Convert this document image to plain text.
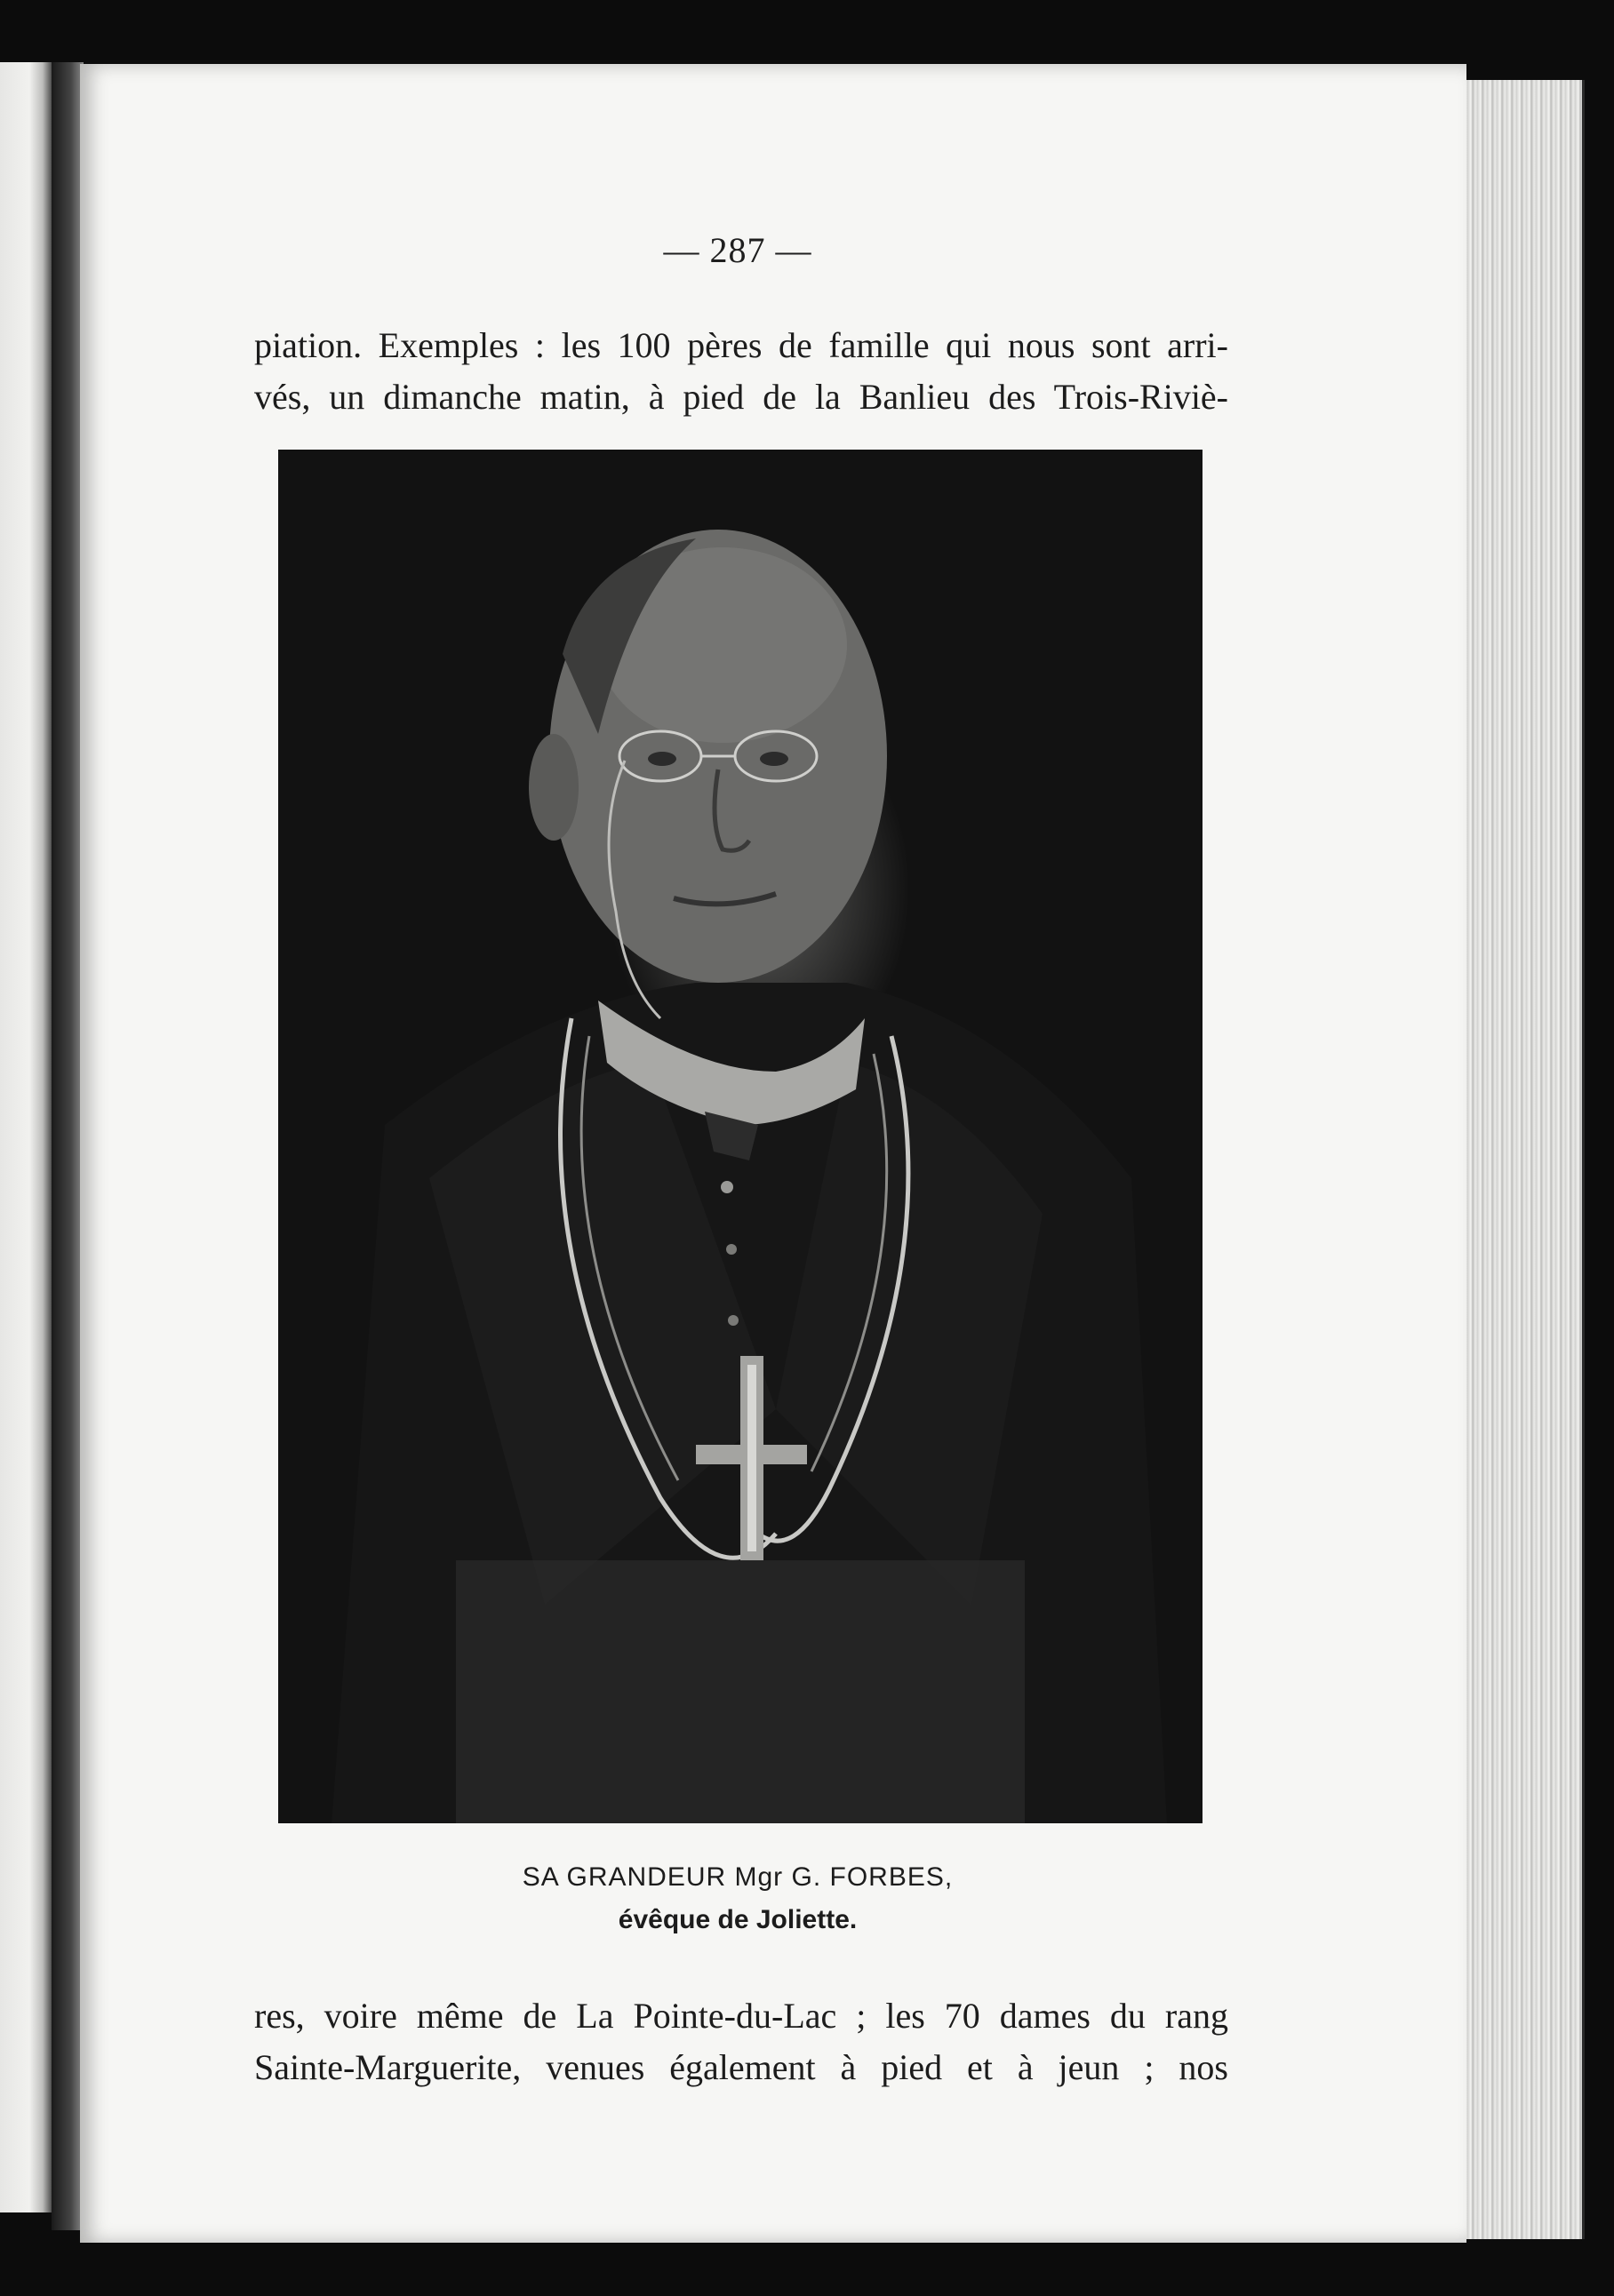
— 287 —
piation. Exemples : les 100 pères de famille qui nous sont arri-
vés, un dimanche matin, à pied de la Banlieu des Trois-Riviè-
SA GRANDEUR Mgr G. FORBES,
évêque de Joliette.
res, voire même de La Pointe-du-Lac ; les 70 dames du rang
Sainte-Marguerite, venues également à pied et à jeun ; nos
